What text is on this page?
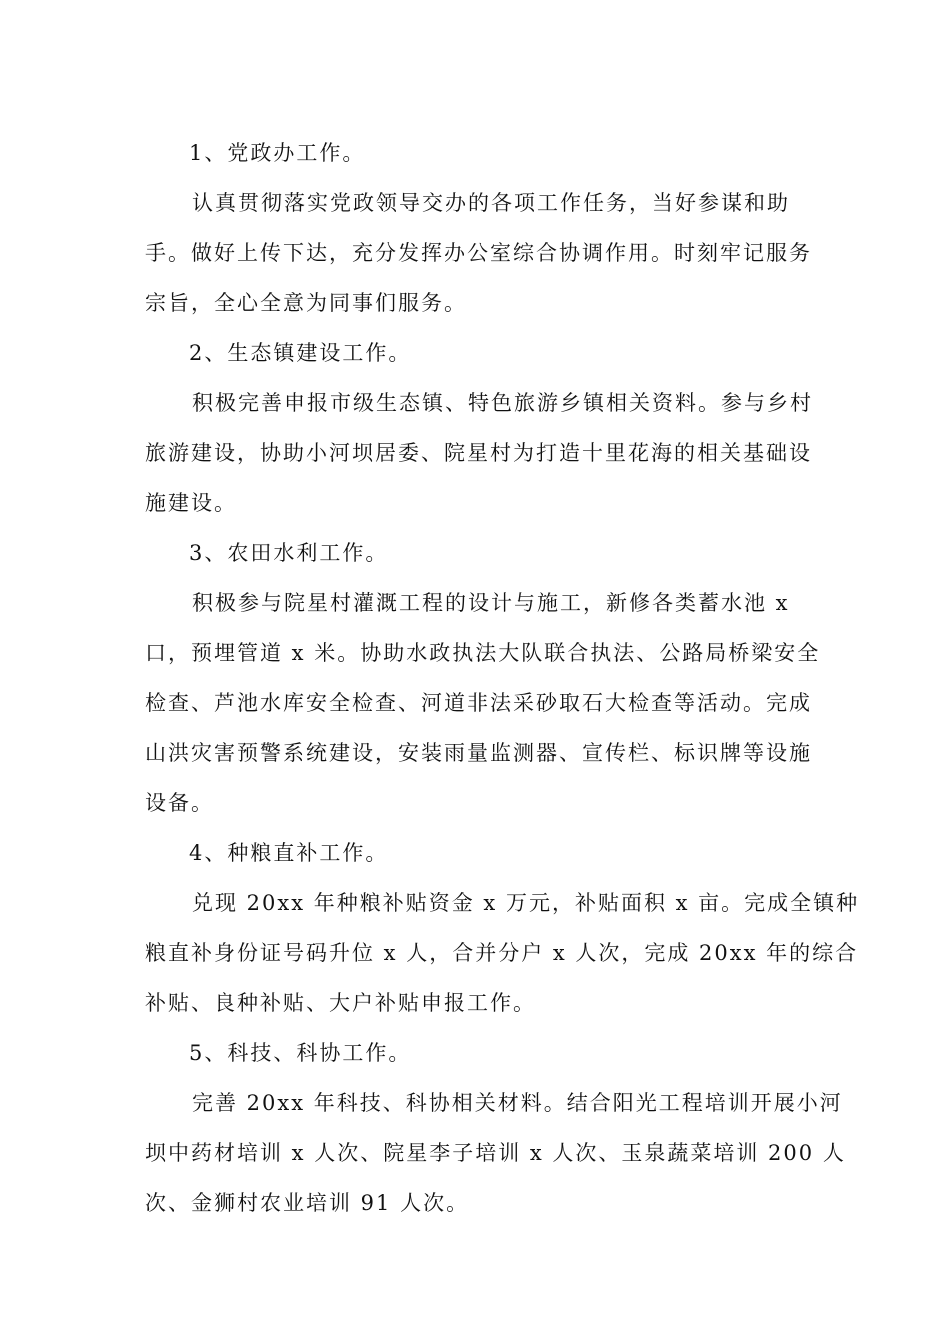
1、党政办工作。
认真贯彻落实党政领导交办的各项工作任务，当好参谋和助
手。做好上传下达，充分发挥办公室综合协调作用。时刻牢记服务
宗旨，全心全意为同事们服务。
2、生态镇建设工作。
积极完善申报市级生态镇、特色旅游乡镇相关资料。参与乡村
旅游建设，协助小河坝居委、院星村为打造十里花海的相关基础设
施建设。
3、农田水利工作。
积极参与院星村灌溉工程的设计与施工，新修各类蓄水池 x
口，预埋管道 x 米。协助水政执法大队联合执法、公路局桥梁安全
检查、芦池水库安全检查、河道非法采砂取石大检查等活动。完成
山洪灾害预警系统建设，安装雨量监测器、宣传栏、标识牌等设施
设备。
4、种粮直补工作。
兑现 20xx 年种粮补贴资金 x 万元，补贴面积 x 亩。完成全镇种
粮直补身份证号码升位 x 人，合并分户 x 人次，完成 20xx 年的综合
补贴、良种补贴、大户补贴申报工作。
5、科技、科协工作。
完善 20xx 年科技、科协相关材料。结合阳光工程培训开展小河
坝中药材培训 x 人次、院星李子培训 x 人次、玉泉蔬菜培训 200 人
次、金狮村农业培训 91 人次。
